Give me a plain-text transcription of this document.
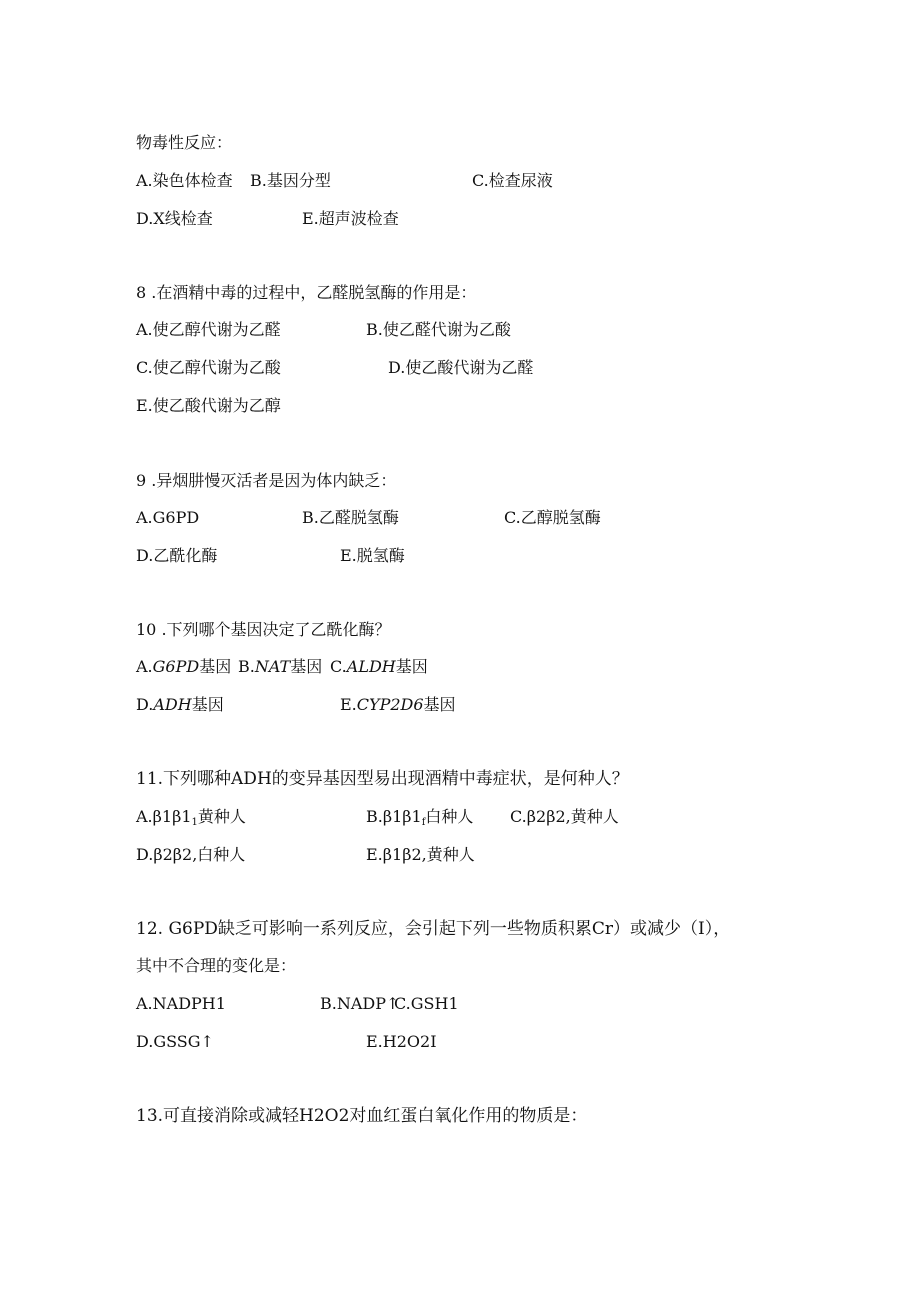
物毒性反应：
A.染色体检查 B.基因分型	C.检查尿液
D.X线检查	E.超声波检查
8 .在酒精中毒的过程中，乙醛脱氢酶的作用是：
A.使乙醇代谢为乙醛	B.使乙醛代谢为乙酸
C.使乙醇代谢为乙酸	D.使乙酸代谢为乙醛
E.使乙酸代谢为乙醇
9 .异烟肼慢灭活者是因为体内缺乏：
A.G6PD	B.乙醛脱氢酶	C.乙醇脱氢酶
D.乙酰化酶	E.脱氢酶
10 .下列哪个基因决定了乙酰化酶？
A.G6PD基因 B.NAT基因 C.ALDH基因
D.ADH基因	E.CYP2D6基因
11.下列哪种ADH的变异基因型易出现酒精中毒症状，是何种人？
$A.\beta 1\beta 1_1$黄种人	$B.\beta 1\beta 1_f$白种人 C.β2β2,黄种人
D.β2β2,白种人	E.β1β2,黄种人
12. G6PD缺乏可影响一系列反应，会引起下列一些物质积累Cr）或减少（I），
其中不合理的变化是：
A.NADPH1	B.NADP↑
C.GSH1
D.GSSG↑	E.H2O2I
13.可直接消除或减轻H2O2对血红蛋白氧化作用的物质是：
